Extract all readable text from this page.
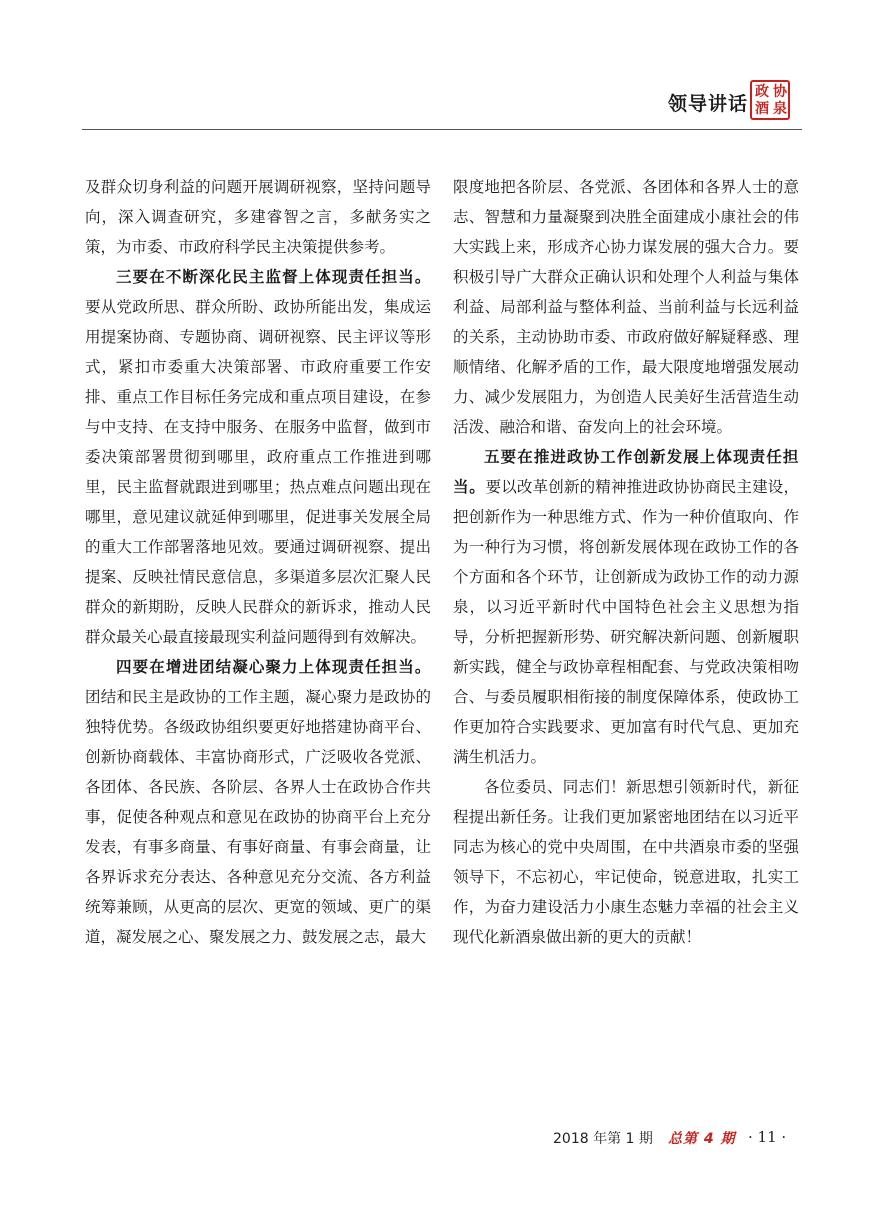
领导讲话
政 协
酒 泉

及群众切身利益的问题开展调研视察，坚持问题导向，深入调查研究，多建睿智之言，多献务实之策，为市委、市政府科学民主决策提供参考。

三要在不断深化民主监督上体现责任担当。要从党政所思、群众所盼、政协所能出发，集成运用提案协商、专题协商、调研视察、民主评议等形式，紧扣市委重大决策部署、市政府重要工作安排、重点工作目标任务完成和重点项目建设，在参与中支持、在支持中服务、在服务中监督，做到市委决策部署贯彻到哪里，政府重点工作推进到哪里，民主监督就跟进到哪里；热点难点问题出现在哪里，意见建议就延伸到哪里，促进事关发展全局的重大工作部署落地见效。要通过调研视察、提出提案、反映社情民意信息，多渠道多层次汇聚人民群众的新期盼，反映人民群众的新诉求，推动人民群众最关心最直接最现实利益问题得到有效解决。

四要在增进团结凝心聚力上体现责任担当。团结和民主是政协的工作主题，凝心聚力是政协的独特优势。各级政协组织要更好地搭建协商平台、创新协商载体、丰富协商形式，广泛吸收各党派、各团体、各民族、各阶层、各界人士在政协合作共事，促使各种观点和意见在政协的协商平台上充分发表，有事多商量、有事好商量、有事会商量，让各界诉求充分表达、各种意见充分交流、各方利益统筹兼顾，从更高的层次、更宽的领域、更广的渠道，凝发展之心、聚发展之力、鼓发展之志，最大

限度地把各阶层、各党派、各团体和各界人士的意志、智慧和力量凝聚到决胜全面建成小康社会的伟大实践上来，形成齐心协力谋发展的强大合力。要积极引导广大群众正确认识和处理个人利益与集体利益、局部利益与整体利益、当前利益与长远利益的关系，主动协助市委、市政府做好解疑释惑、理顺情绪、化解矛盾的工作，最大限度地增强发展动力、减少发展阻力，为创造人民美好生活营造生动活泼、融洽和谐、奋发向上的社会环境。

五要在推进政协工作创新发展上体现责任担当。要以改革创新的精神推进政协协商民主建设，把创新作为一种思维方式、作为一种价值取向、作为一种行为习惯，将创新发展体现在政协工作的各个方面和各个环节，让创新成为政协工作的动力源泉，以习近平新时代中国特色社会主义思想为指导，分析把握新形势、研究解决新问题、创新履职新实践，健全与政协章程相配套、与党政决策相吻合、与委员履职相衔接的制度保障体系，使政协工作更加符合实践要求、更加富有时代气息、更加充满生机活力。

各位委员、同志们！新思想引领新时代，新征程提出新任务。让我们更加紧密地团结在以习近平同志为核心的党中央周围，在中共酒泉市委的坚强领导下，不忘初心，牢记使命，锐意进取，扎实工作，为奋力建设活力小康生态魅力幸福的社会主义现代化新酒泉做出新的更大的贡献！

2018 年第 1 期 总第 4 期 · 11 ·
